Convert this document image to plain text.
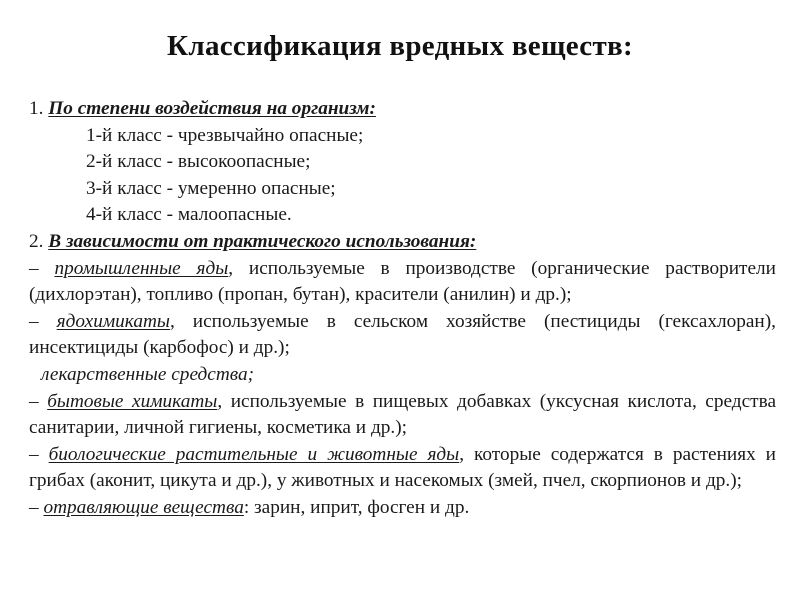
Классификация вредных веществ:
1. По степени воздействия на организм:
1-й класс - чрезвычайно опасные;
2-й класс - высокоопасные;
3-й класс - умеренно опасные;
4-й класс - малоопасные.
2. В зависимости от практического использования:
– промышленные яды, используемые в производстве (органические растворители (дихлорэтан), топливо (пропан, бутан), красители (анилин) и др.);
– ядохимикаты, используемые в сельском хозяйстве (пестициды (гексахлоран), инсектициды (карбофос) и др.);
лекарственные средства;
– бытовые химикаты, используемые в пищевых добавках (уксусная кислота, средства санитарии, личной гигиены, косметика и др.);
– биологические растительные и животные яды, которые содержатся в растениях и грибах (аконит, цикута и др.), у животных и насекомых (змей, пчел, скорпионов и др.);
– отравляющие вещества: зарин, иприт, фосген и др.
